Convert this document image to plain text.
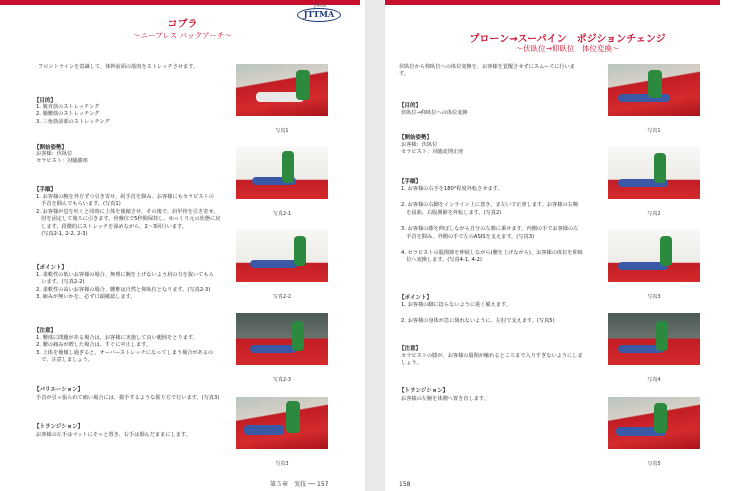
JAPAN
JTTMA
コブラ
〜ニープレス バックアーチ〜
フロントラインを意識して、体幹前面の筋肉をストレッチさせます。
【目的】
1. 腹直筋のストレッチング
2. 腸腰筋のストレッチング
3. 三角筋前部のストレッチング
【開始姿勢】
お客様：伏臥位
セラピスト：対臨膝座
【手順】
1. お客様の腕を外方ずつ引き寄せ、両手首を掴み、お客様にもセラピストの
　手首を掴んでもらいます。(写真1)
2. お客様が息を吐くと同時に上体を後傾させ、その後で、肩甲骨を引き寄せ、
　肘を固定して後ろに引きます。骨盤位で5秒間保持し、ゆっくり元の状態に戻
　します。段階的にストレッチを深めながら、2〜3回行います。
　(写真2-1, 2-2, 2-3)
【ポイント】
1. 柔軟性の低いお客様の場合、無理に腕を上げないよう肩の力を抜いてもら
　います。(写真2-2)
2. 柔軟性の高いお客様の場合、腰椎は自然と仰臥位となります。(写真2-3)
3. 痛みが無いかを、必ず口頭確認します。
【注意】
1. 腰部に問題がある場合は、お客様に実施して良い範囲をとります。
2. 腰の痛みが増した場合は、すぐに中止します。
3. 上体を後傾し過ぎると、オーバーストレッチになってしまう場合があるの
　で、注意しましょう。
【バリエーション】
手首が引っ張られて痛い場合には、握手するような握り方で行います。(写真3)
【トランジション】
お客様の左手はマットにそっと置き、右手は掴んだままにします。
写真1
写真2-1
写真2-2
写真2-3
写真3
第５章　実技 ── 157
プローン→スーパイン　ポジションチェンジ
〜伏臥位→仰臥位　体位変換〜
伏臥位から仰臥位への体位変換を、お客様を覚醒させずにスムーズに行いま
す。
【目的】
伏臥位→仰臥位への体位変換
【開始姿勢】
お客様：伏臥位
セラピスト：対臨変則正座
【手順】
1. お客様の右手を180°程度外転させます。
2. お客様の右脚をインライン上に置き、ま左いで正座します。お客様の右腕
　を屈曲、右股関節を外転します。(写真2)
3. お客様の膝を伸ばしながら自分の左膝に乗せます。内側の手でお客様の左
　手首を掴み、外側の手で左のASISを支えます。(写真3)
4. セラピストの股関節を伸展しながら(腰を上げながら)、お客様の体位を仰臥
　位へ変換します。(写真4-1, 4-2)
【ポイント】
1. お客様の脚に捻らないように重く備えます。
2. お客様の身体が急に倒れないように、左肘で支えます。(写真5)
【注意】
セラピストの膝が、お客様の股関が触れるところまで入りすぎないようにしま
しょう。
【トランジション】
お客様の左腕を体側へ置き直します。
写真1
写真2
写真3
写真4
写真5
158
